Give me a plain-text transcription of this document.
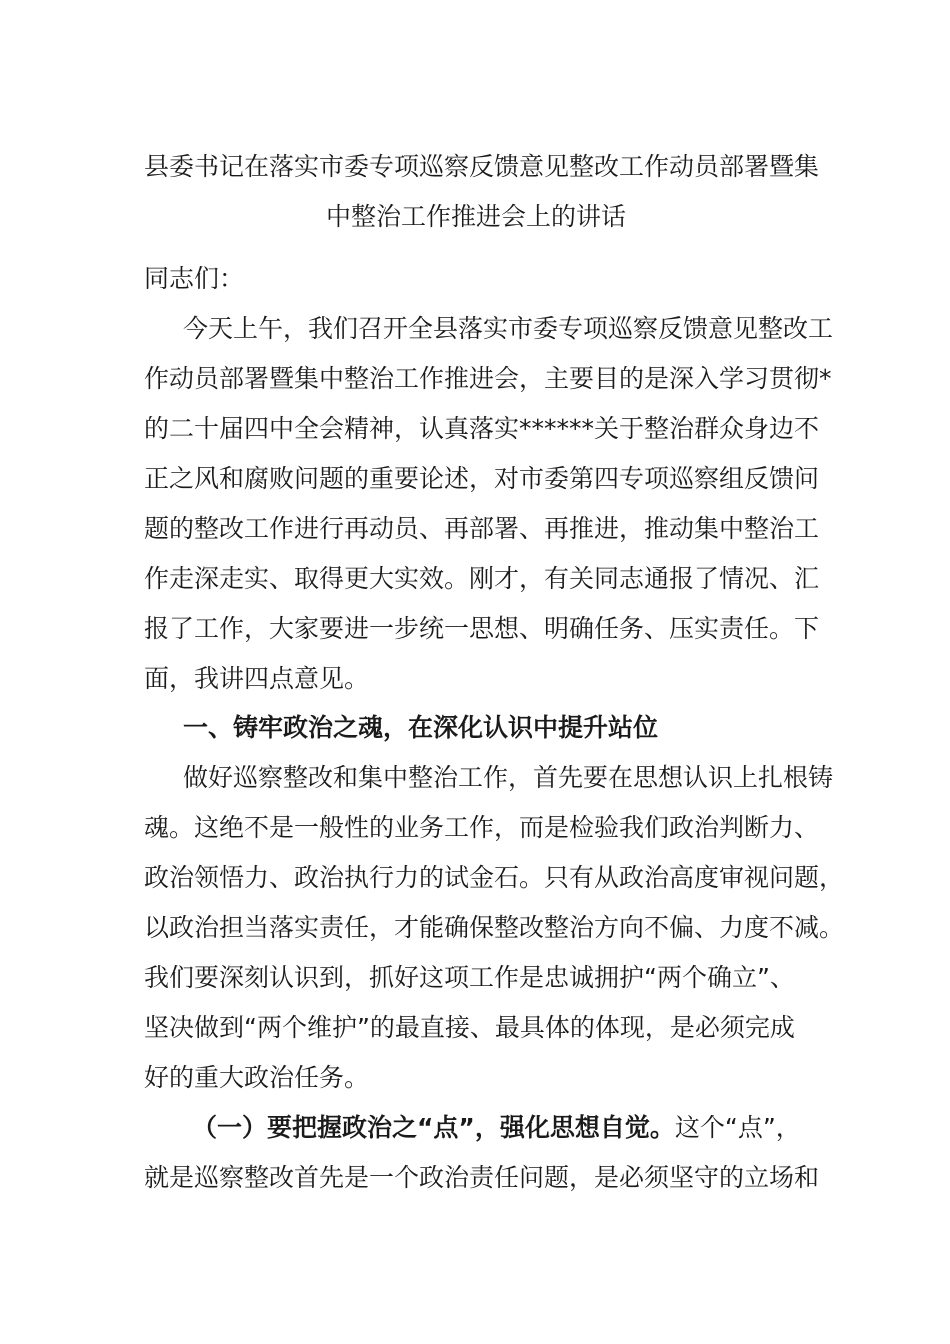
县委书记在落实市委专项巡察反馈意见整改工作动员部署暨集
中整治工作推进会上的讲话

同志们：

今天上午，我们召开全县落实市委专项巡察反馈意见整改工
作动员部署暨集中整治工作推进会，主要目的是深入学习贯彻*
的二十届四中全会精神，认真落实******关于整治群众身边不
正之风和腐败问题的重要论述，对市委第四专项巡察组反馈问
题的整改工作进行再动员、再部署、再推进，推动集中整治工
作走深走实、取得更大实效。刚才，有关同志通报了情况、汇
报了工作，大家要进一步统一思想、明确任务、压实责任。下
面，我讲四点意见。
一、铸牢政治之魂，在深化认识中提升站位
做好巡察整改和集中整治工作，首先要在思想认识上扎根铸
魂。这绝不是一般性的业务工作，而是检验我们政治判断力、
政治领悟力、政治执行力的试金石。只有从政治高度审视问题，
以政治担当落实责任，才能确保整改整治方向不偏、力度不减。
我们要深刻认识到，抓好这项工作是忠诚拥护“两个确立”、
坚决做到“两个维护”的最直接、最具体的体现，是必须完成
好的重大政治任务。
（一）要把握政治之“点”，强化思想自觉。这个“点”，
就是巡察整改首先是一个政治责任问题，是必须坚守的立场和
